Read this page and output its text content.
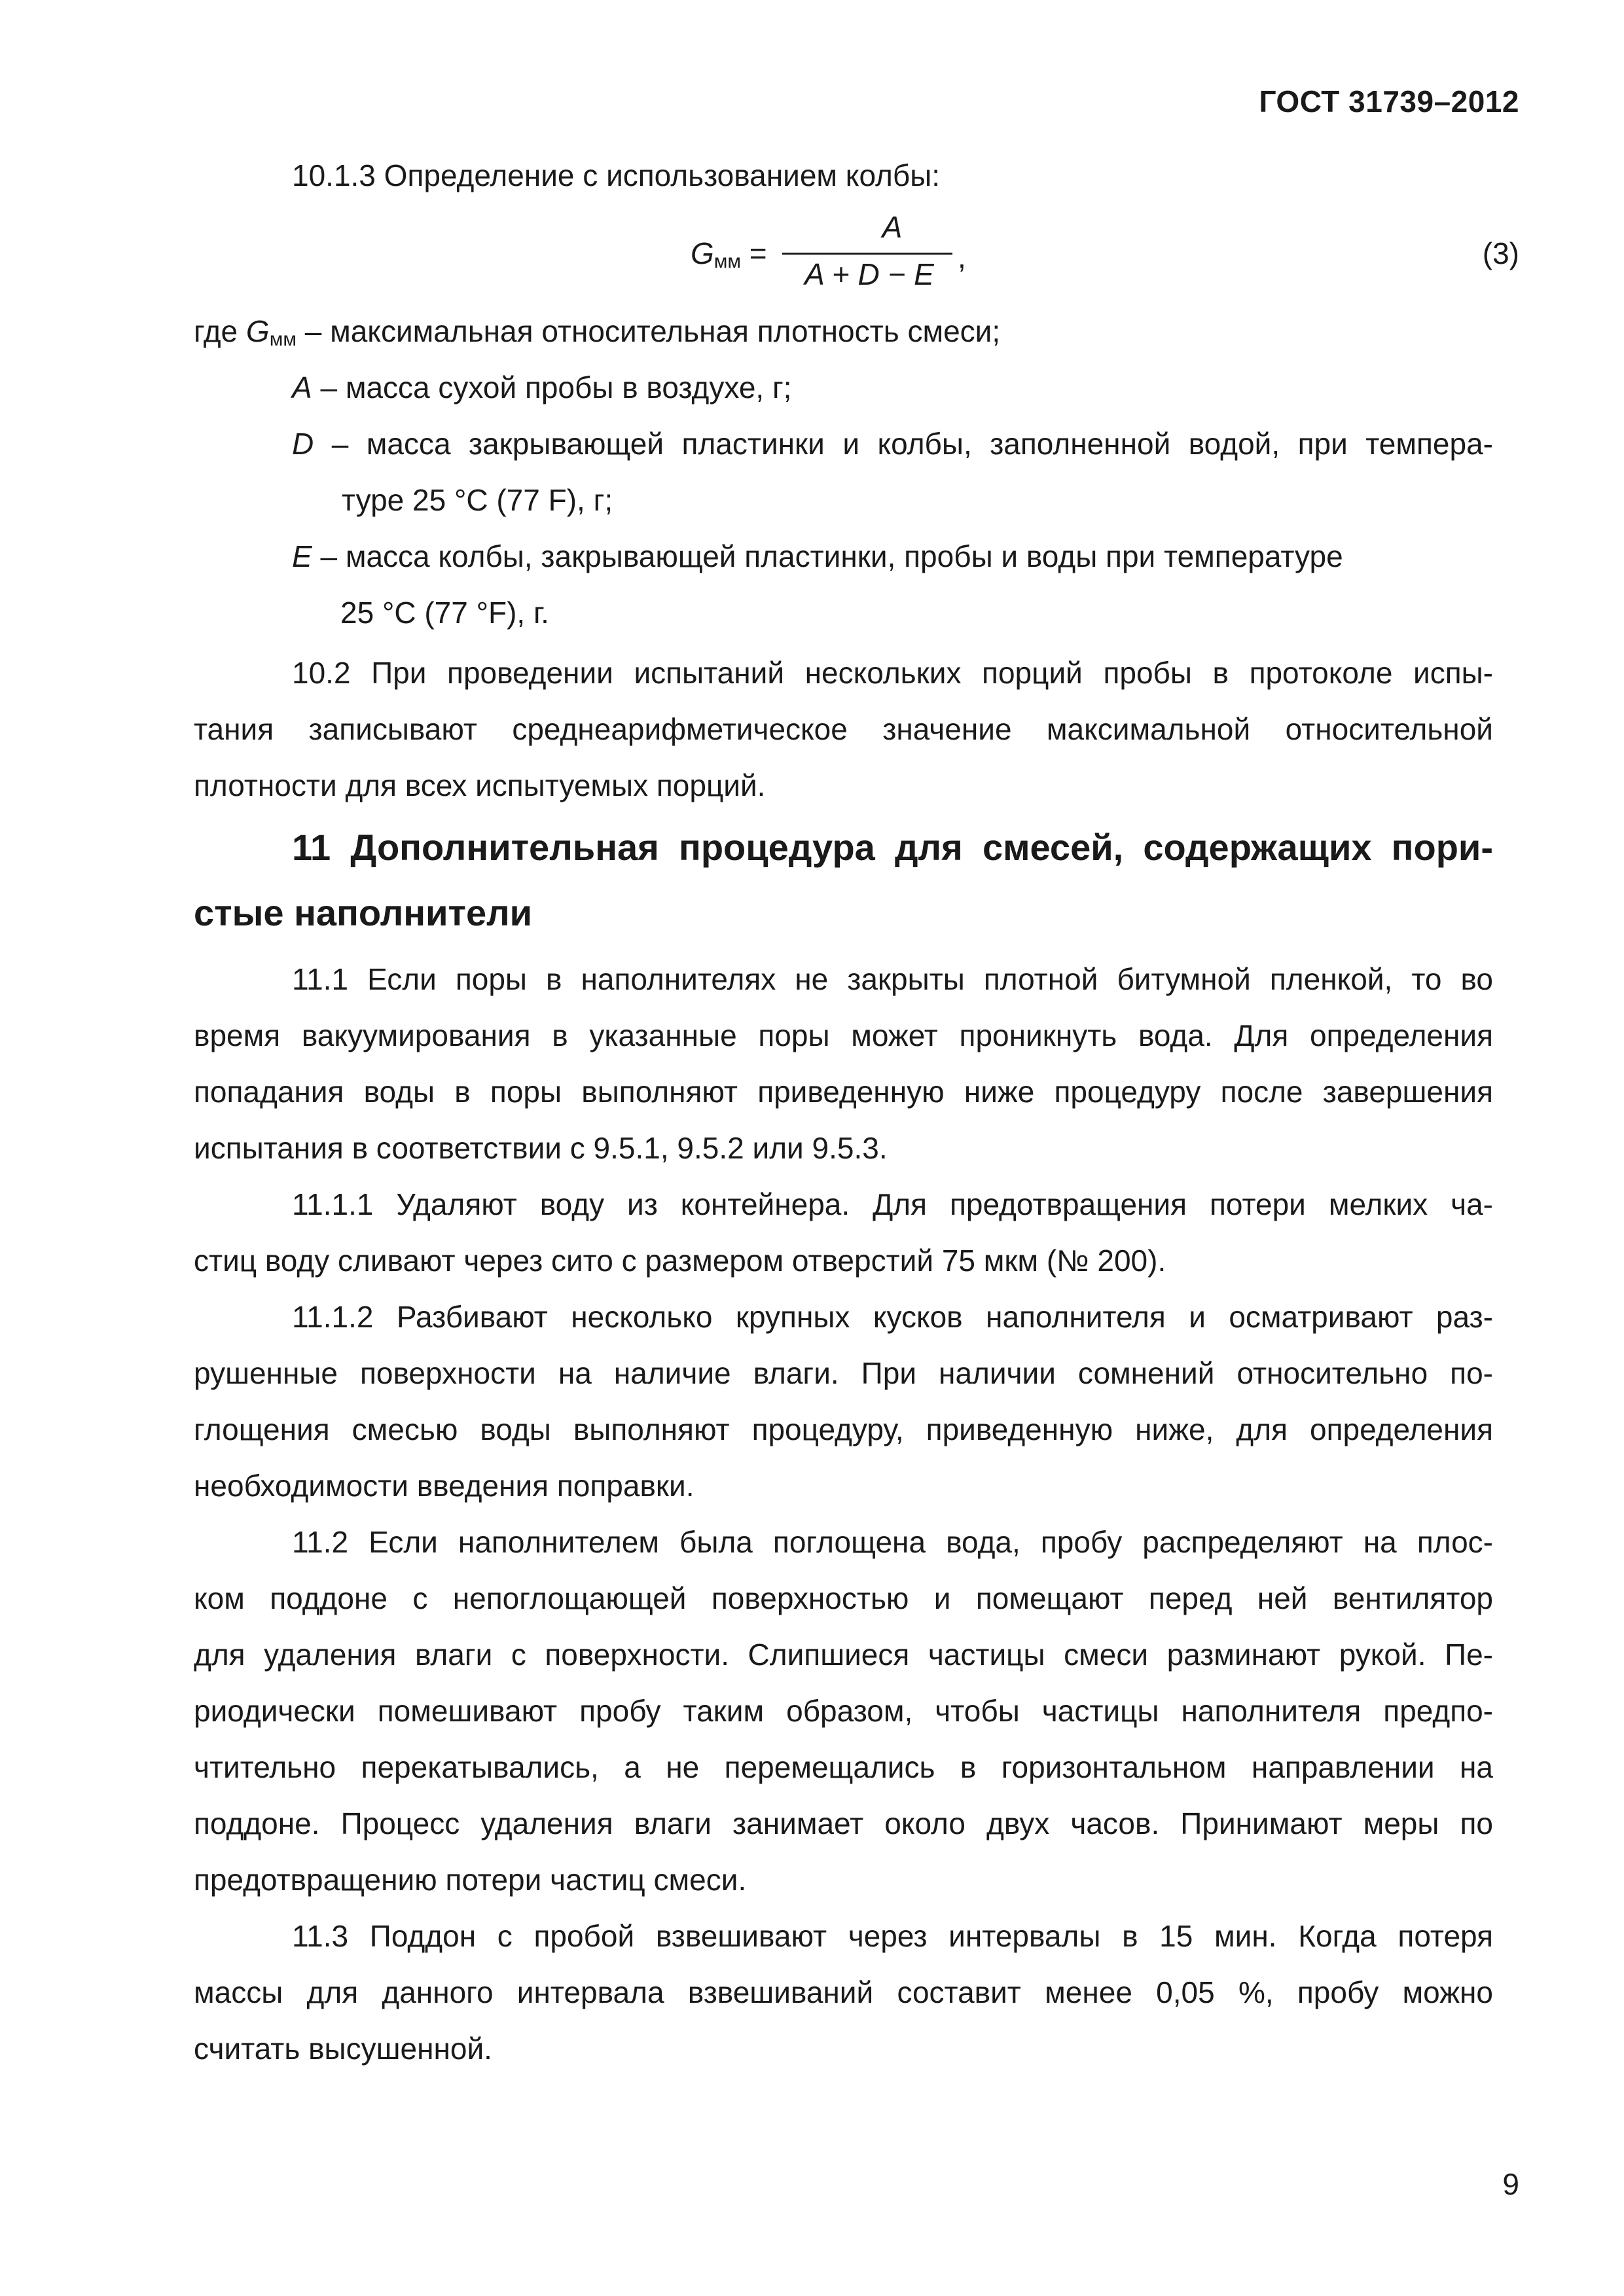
ГОСТ 31739–2012
10.1.3 Определение с использованием колбы:
$G_{мм}$ =
A
A + D − E ,	(3)
где $G_{мм}$ – максимальная относительная плотность смеси;
A – масса сухой пробы в воздухе, г;
D – масса закрывающей пластинки и колбы, заполненной водой, при темпера-
туре 25 °С (77 F), г;
E – масса колбы, закрывающей пластинки, пробы и воды при температуре
25 °С (77 °F), г.
10.2 При проведении испытаний нескольких порций пробы в протоколе испы-
тания записывают среднеарифметическое значение максимальной относительной
плотности для всех испытуемых порций.
11 Дополнительная процедура для смесей, содержащих пори-
стые наполнители
11.1 Если поры в наполнителях не закрыты плотной битумной пленкой, то во
время вакуумирования в указанные поры может проникнуть вода. Для определения
попадания воды в поры выполняют приведенную ниже процедуру после завершения
испытания в соответствии с 9.5.1, 9.5.2 или 9.5.3.
11.1.1 Удаляют воду из контейнера. Для предотвращения потери мелких ча-
стиц воду сливают через сито с размером отверстий 75 мкм (№ 200).
11.1.2 Разбивают несколько крупных кусков наполнителя и осматривают раз-
рушенные поверхности на наличие влаги. При наличии сомнений относительно по-
глощения смесью воды выполняют процедуру, приведенную ниже, для определения
необходимости введения поправки.
11.2 Если наполнителем была поглощена вода, пробу распределяют на плос-
ком поддоне с непоглощающей поверхностью и помещают перед ней вентилятор
для удаления влаги с поверхности. Слипшиеся частицы смеси разминают рукой. Пе-
риодически помешивают пробу таким образом, чтобы частицы наполнителя предпо-
чтительно перекатывались, а не перемещались в горизонтальном направлении на
поддоне. Процесс удаления влаги занимает около двух часов. Принимают меры по
предотвращению потери частиц смеси.
11.3 Поддон с пробой взвешивают через интервалы в 15 мин. Когда потеря
массы для данного интервала взвешиваний составит менее 0,05 %, пробу можно
считать высушенной.
9
